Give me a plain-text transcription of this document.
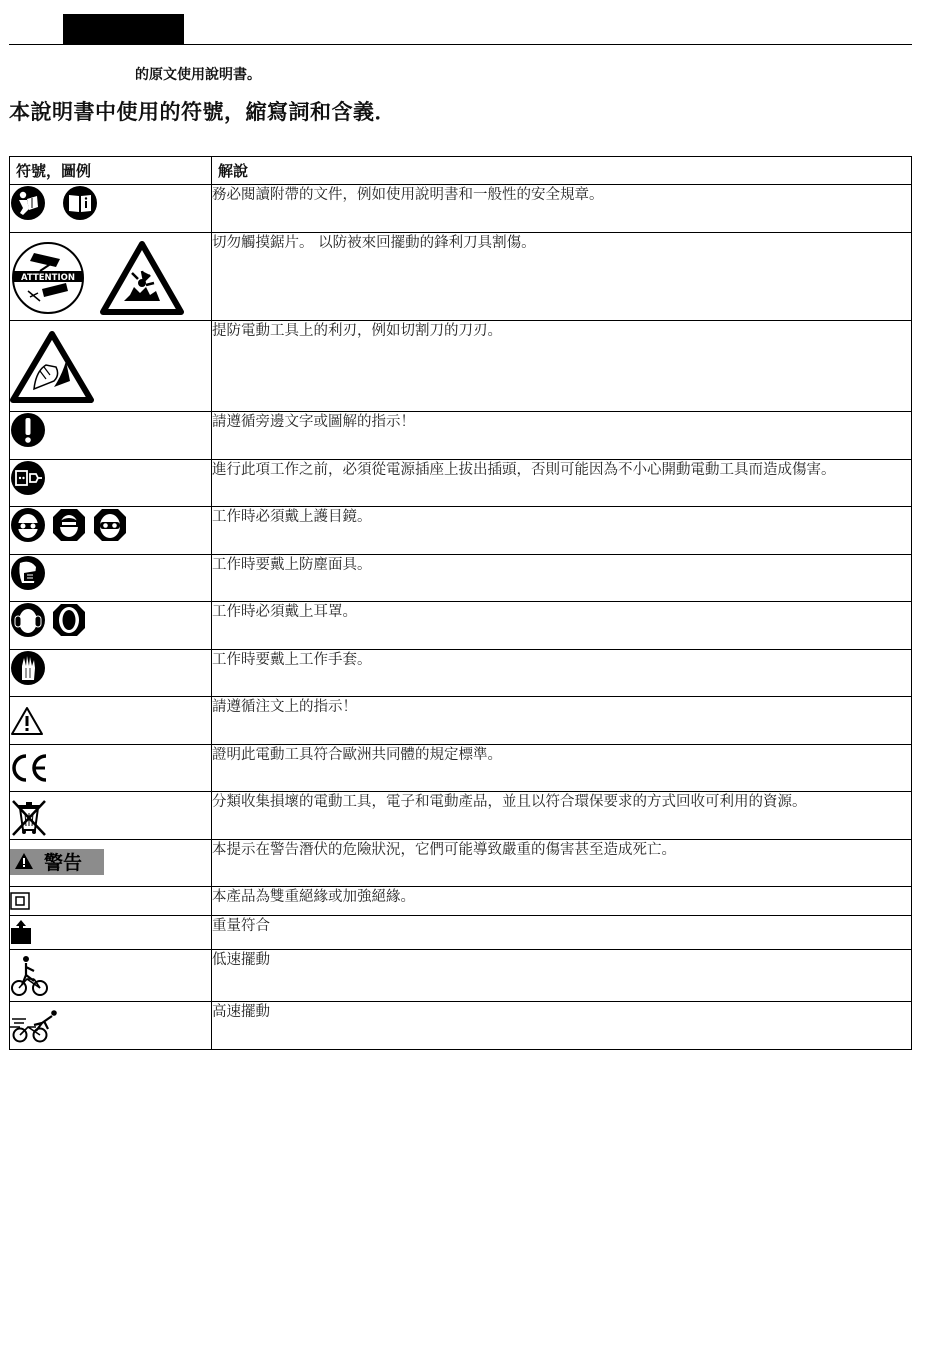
的原文使用說明書。
本說明書中使用的符號，縮寫詞和含義．
符號，圖例	解說

	務必閱讀附帶的文件，例如使用說明書和一般性的安全規章。

ATTENTION	切勿觸摸鋸片。 以防被來回擺動的鋒利刀具割傷。

	提防電動工具上的利刃，例如切割刀的刀刃。

	請遵循旁邊文字或圖解的指示！

	進行此項工作之前，必須從電源插座上拔出插頭，否則可能因為不小心開動電動工具而造成傷害。

	工作時必須戴上護目鏡。

	工作時要戴上防塵面具。

	工作時必須戴上耳罩。

	工作時要戴上工作手套。

	請遵循注文上的指示！

	證明此電動工具符合歐洲共同體的規定標準。

	分類收集損壞的電動工具，電子和電動產品，並且以符合環保要求的方式回收可利用的資源。

警告	本提示在警告潛伏的危險狀況，它們可能導致嚴重的傷害甚至造成死亡。

	本產品為雙重絕緣或加強絕緣。

	重量符合

	低速擺動

	高速擺動
